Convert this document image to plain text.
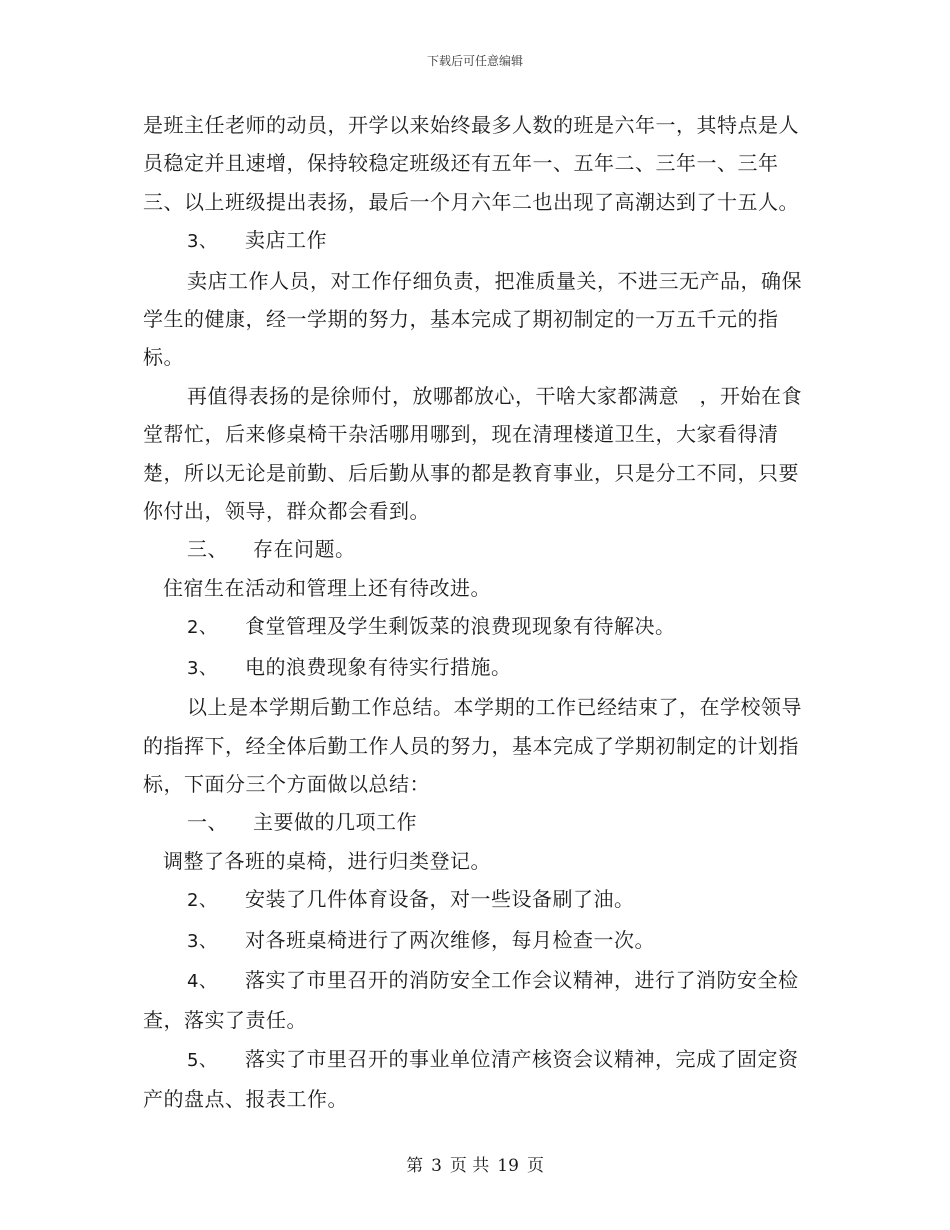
下载后可任意编辑

是班主任老师的动员，开学以来始终最多人数的班是六年一，其特点是人员稳定并且速增，保持较稳定班级还有五年一、五年二、三年一、三年三、以上班级提出表扬，最后一个月六年二也出现了高潮达到了十五人。

3、 卖店工作

卖店工作人员，对工作仔细负责，把准质量关，不进三无产品，确保学生的健康，经一学期的努力，基本完成了期初制定的一万五千元的指标。

再值得表扬的是徐师付，放哪都放心，干啥大家都满意　，开始在食堂帮忙，后来修桌椅干杂活哪用哪到，现在清理楼道卫生，大家看得清楚，所以无论是前勤、后后勤从事的都是教育事业，只是分工不同，只要你付出，领导，群众都会看到。

三、 存在问题。

住宿生在活动和管理上还有待改进。

2、 食堂管理及学生剩饭菜的浪费现现象有待解决。

3、 电的浪费现象有待实行措施。

以上是本学期后勤工作总结。本学期的工作已经结束了，在学校领导的指挥下，经全体后勤工作人员的努力，基本完成了学期初制定的计划指标，下面分三个方面做以总结：

一、 主要做的几项工作

调整了各班的桌椅，进行归类登记。

2、 安装了几件体育设备，对一些设备刷了油。

3、 对各班桌椅进行了两次维修，每月检查一次。

4、 落实了市里召开的消防安全工作会议精神，进行了消防安全检查，落实了责任。

5、 落实了市里召开的事业单位清产核资会议精神，完成了固定资产的盘点、报表工作。

第 3 页 共 19 页
